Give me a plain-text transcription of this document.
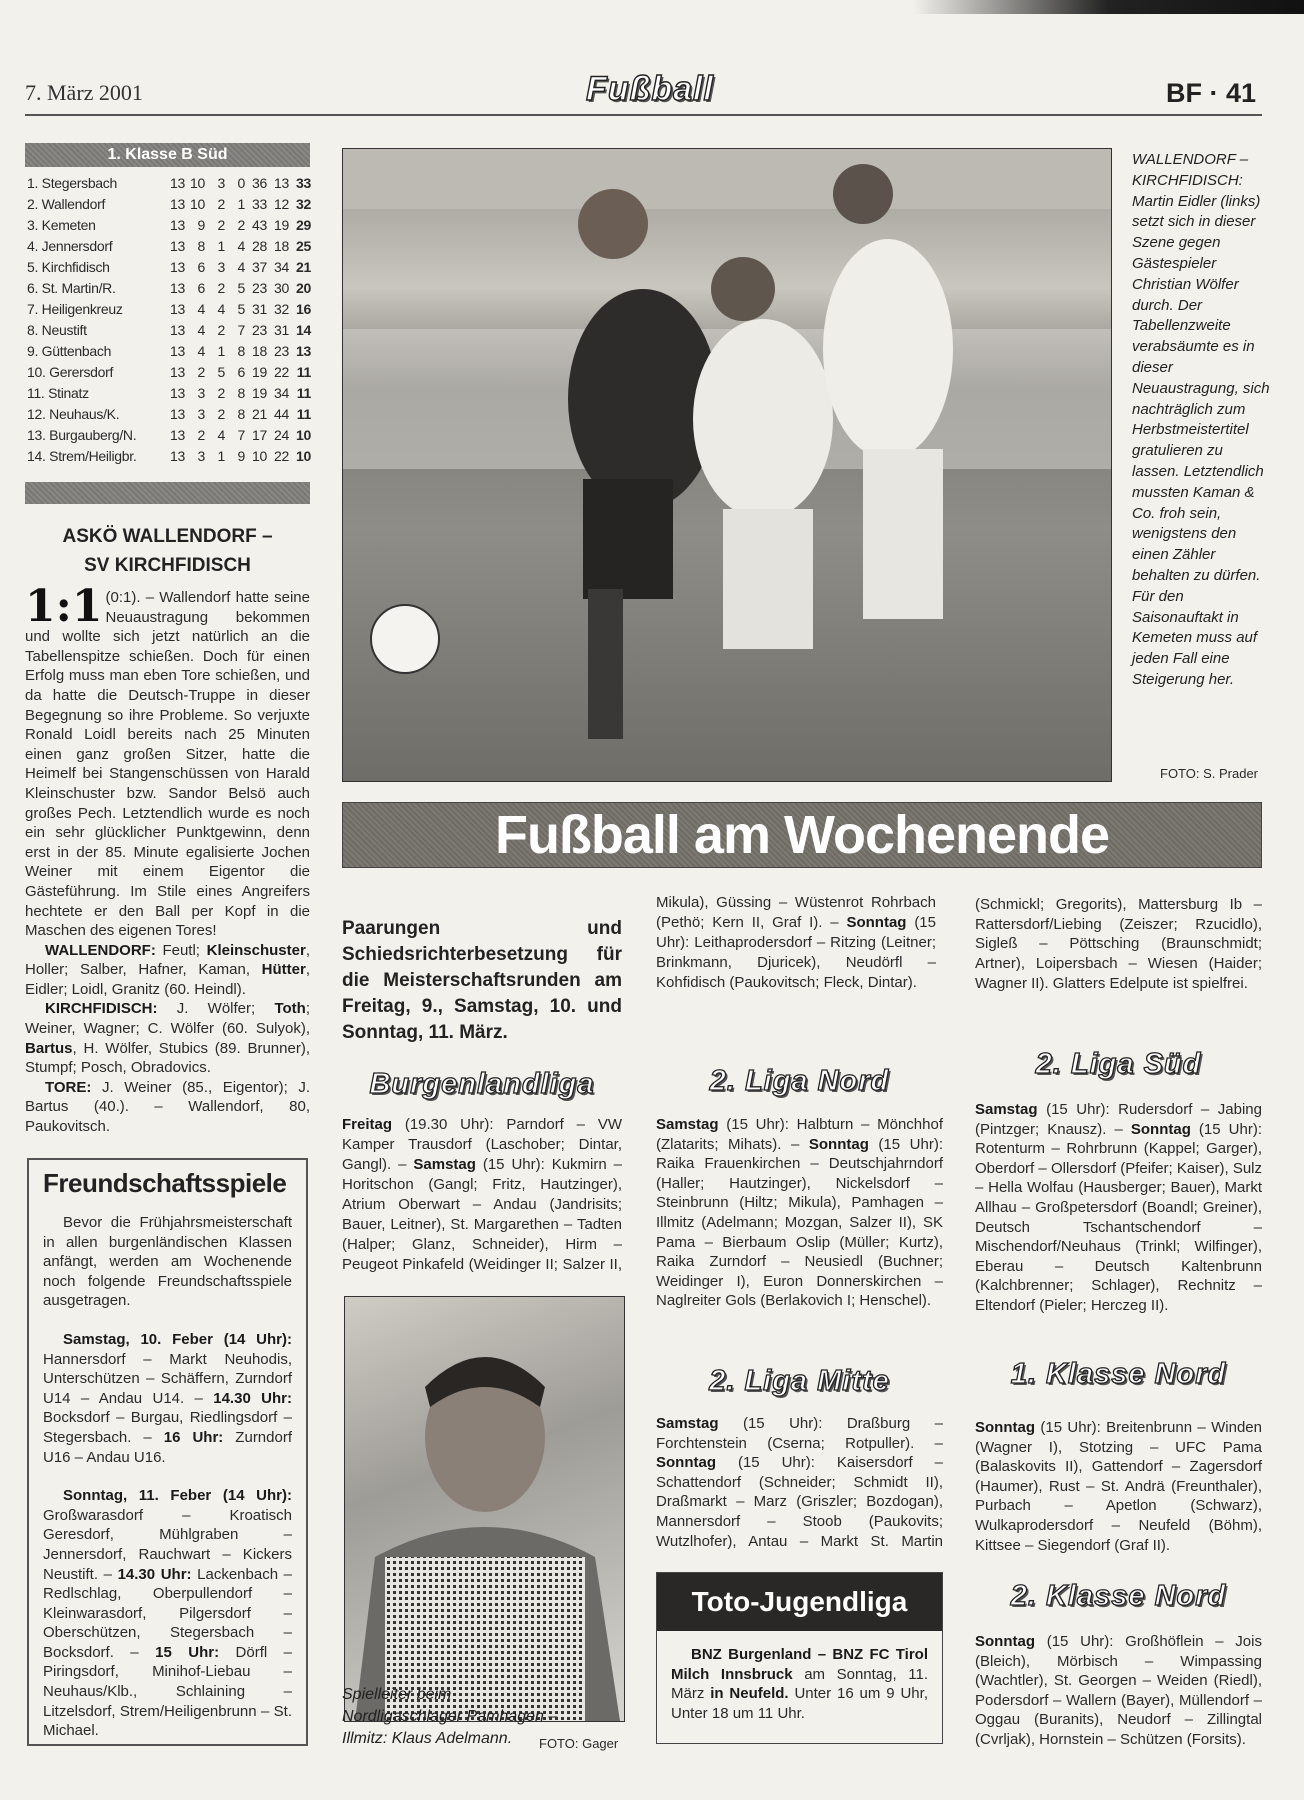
7. März 2001	Fußball	BF · 41
1. Klasse B Süd
1. Stegersbach	13 10 3 0 36 13 33
2. Wallendorf	13 10 2 1 33 12 32
3. Kemeten	13 9 2 2 43 19 29
4. Jennersdorf	13 8 1 4 28 18 25
5. Kirchfidisch	13 6 3 4 37 34 21
6. St. Martin/R.	13 6 2 5 23 30 20
7. Heiligenkreuz	13 4 4 5 31 32 16
8. Neustift	13 4 2 7 23 31 14
9. Güttenbach	13 4 1 8 18 23 13
10. Gerersdorf	13 2 5 6 19 22 11
11. Stinatz	13 3 2 8 19 34 11
12. Neuhaus/K.	13 3 2 8 21 44 11
13. Burgauberg/N.	13 2 4 7 17 24 10
14. Strem/Heiligbr.	13 3 1 9 10 22 10
ASKÖ WALLENDORF –
SV KIRCHFIDISCH
1:1 (0:1). – Wallendorf hatte seine Neuaustragung bekommen und wollte sich jetzt natürlich an die Tabellenspitze schießen. Doch für einen Erfolg muss man eben Tore schießen, und da hatte die Deutsch-Truppe in dieser Begegnung so ihre Probleme. So verjuxte Ronald Loidl bereits nach 25 Minuten einen ganz großen Sitzer, hatte die Heimelf bei Stangenschüssen von Harald Kleinschuster bzw. Sandor Belsö auch großes Pech. Letztendlich wurde es noch ein sehr glücklicher Punktgewinn, denn erst in der 85. Minute egalisierte Jochen Weiner mit einem Eigentor die Gästeführung. Im Stile eines Angreifers hechtete er den Ball per Kopf in die Maschen des eigenen Tores!

WALLENDORF: Feutl; Kleinschuster, Holler; Salber, Hafner, Kaman, Hütter, Eidler; Loidl, Granitz (60. Heindl).

KIRCHFIDISCH: J. Wölfer; Toth; Weiner, Wagner; C. Wölfer (60. Sulyok), Bartus, H. Wölfer, Stubics (89. Brunner), Stumpf; Posch, Obradovics.

TORE: J. Weiner (85., Eigentor); J. Bartus (40.). – Wallendorf, 80, Paukovitsch.

Freundschaftsspiele

Bevor die Frühjahrsmeisterschaft in allen burgenländischen Klassen anfängt, werden am Wochenende noch folgende Freundschaftsspiele ausgetragen.

Samstag, 10. Feber (14 Uhr): Hannersdorf – Markt Neuhodis, Unterschützen – Schäffern, Zurndorf U14 – Andau U14. – 14.30 Uhr: Bocksdorf – Burgau, Riedlingsdorf – Stegersbach. – 16 Uhr: Zurndorf U16 – Andau U16.

Sonntag, 11. Feber (14 Uhr): Großwarasdorf – Kroatisch Geresdorf, Mühlgraben – Jennersdorf, Rauchwart – Kickers Neustift. – 14.30 Uhr: Lackenbach – Redlschlag, Oberpullendorf – Kleinwarasdorf, Pilgersdorf – Oberschützen, Stegersbach – Bocksdorf. – 15 Uhr: Dörfl – Piringsdorf, Minihof-Liebau – Neuhaus/Klb., Schlaining – Litzelsdorf, Strem/Heiligenbrunn – St. Michael.

WALLENDORF – KIRCHFIDISCH: Martin Eidler (links) setzt sich in dieser Szene gegen Gästespieler Christian Wölfer durch. Der Tabellenzweite verabsäumte es in dieser Neuaustragung, sich nachträglich zum Herbstmeistertitel gratulieren zu lassen. Letztendlich mussten Kaman & Co. froh sein, wenigstens den einen Zähler behalten zu dürfen. Für den Saisonauftakt in Kemeten muss auf jeden Fall eine Steigerung her.
FOTO: S. Prader
Fußball am Wochenende
Paarungen und Schiedsrichterbesetzung für die Meisterschaftsrunden am Freitag, 9., Samstag, 10. und Sonntag, 11. März.
Burgenlandliga

Freitag (19.30 Uhr): Parndorf – VW Kamper Trausdorf (Laschober; Dintar, Gangl). – Samstag (15 Uhr): Kukmirn – Horitschon (Gangl; Fritz, Hautzinger), Atrium Oberwart – Andau (Jandrisits; Bauer, Leitner), St. Margarethen – Tadten (Halper; Glanz, Schneider), Hirm – Peugeot Pinkafeld (Weidinger II; Salzer II,

Mikula), Güssing – Wüstenrot Rohrbach (Pethö; Kern II, Graf I). – Sonntag (15 Uhr): Leithaprodersdorf – Ritzing (Leitner; Brinkmann, Djuricek), Neudörfl – Kohfidisch (Paukovitsch; Fleck, Dintar).

Spielleiter beim Nordligaschlager Pamhagen – Illmitz: Klaus Adelmann.	FOTO: Gager
2. Liga Nord

Samstag (15 Uhr): Halbturn – Mönchhof (Zlatarits; Mihats). – Sonntag (15 Uhr): Raika Frauenkirchen – Deutschjahrndorf (Haller; Hautzinger), Nickelsdorf – Steinbrunn (Hiltz; Mikula), Pamhagen – Illmitz (Adelmann; Mozgan, Salzer II), SK Pama – Bierbaum Oslip (Müller; Kurtz), Raika Zurndorf – Neusiedl (Buchner; Weidinger I), Euron Donnerskirchen – Naglreiter Gols (Berlakovich I; Henschel).

2. Liga Mitte

Samstag (15 Uhr): Draßburg – Forchtenstein (Cserna; Rotpuller). – Sonntag (15 Uhr): Kaisersdorf – Schattendorf (Schneider; Schmidt II), Draßmarkt – Marz (Griszler; Bozdogan), Mannersdorf – Stoob (Paukovits; Wutzlhofer), Antau – Markt St. Martin

Toto-Jugendliga

BNZ Burgenland – BNZ FC Tirol Milch Innsbruck am Sonntag, 11. März in Neufeld. Unter 16 um 9 Uhr, Unter 18 um 11 Uhr.

(Schmickl; Gregorits), Mattersburg Ib – Rattersdorf/Liebing (Zeiszer; Rzucidlo), Sigleß – Pöttsching (Braunschmidt; Artner), Loipersbach – Wiesen (Haider; Wagner II). Glatters Edelpute ist spielfrei.

2. Liga Süd

Samstag (15 Uhr): Rudersdorf – Jabing (Pintzger; Knausz). – Sonntag (15 Uhr): Rotenturm – Rohrbrunn (Kappel; Garger), Oberdorf – Ollersdorf (Pfeifer; Kaiser), Sulz – Hella Wolfau (Hausberger; Bauer), Markt Allhau – Großpetersdorf (Boandl; Greiner), Deutsch Tschantschendorf – Mischendorf/Neuhaus (Trinkl; Wilfinger), Eberau – Deutsch Kaltenbrunn (Kalchbrenner; Schlager), Rechnitz – Eltendorf (Pieler; Herczeg II).

1. Klasse Nord

Sonntag (15 Uhr): Breitenbrunn – Winden (Wagner I), Stotzing – UFC Pama (Balaskovits II), Gattendorf – Zagersdorf (Haumer), Rust – St. Andrä (Freunthaler), Purbach – Apetlon (Schwarz), Wulkaprodersdorf – Neufeld (Böhm), Kittsee – Siegendorf (Graf II).

2. Klasse Nord

Sonntag (15 Uhr): Großhöflein – Jois (Bleich), Mörbisch – Wimpassing (Wachtler), St. Georgen – Weiden (Riedl), Podersdorf – Wallern (Bayer), Müllendorf – Oggau (Buranits), Neudorf – Zillingtal (Cvrljak), Hornstein – Schützen (Forsits).
